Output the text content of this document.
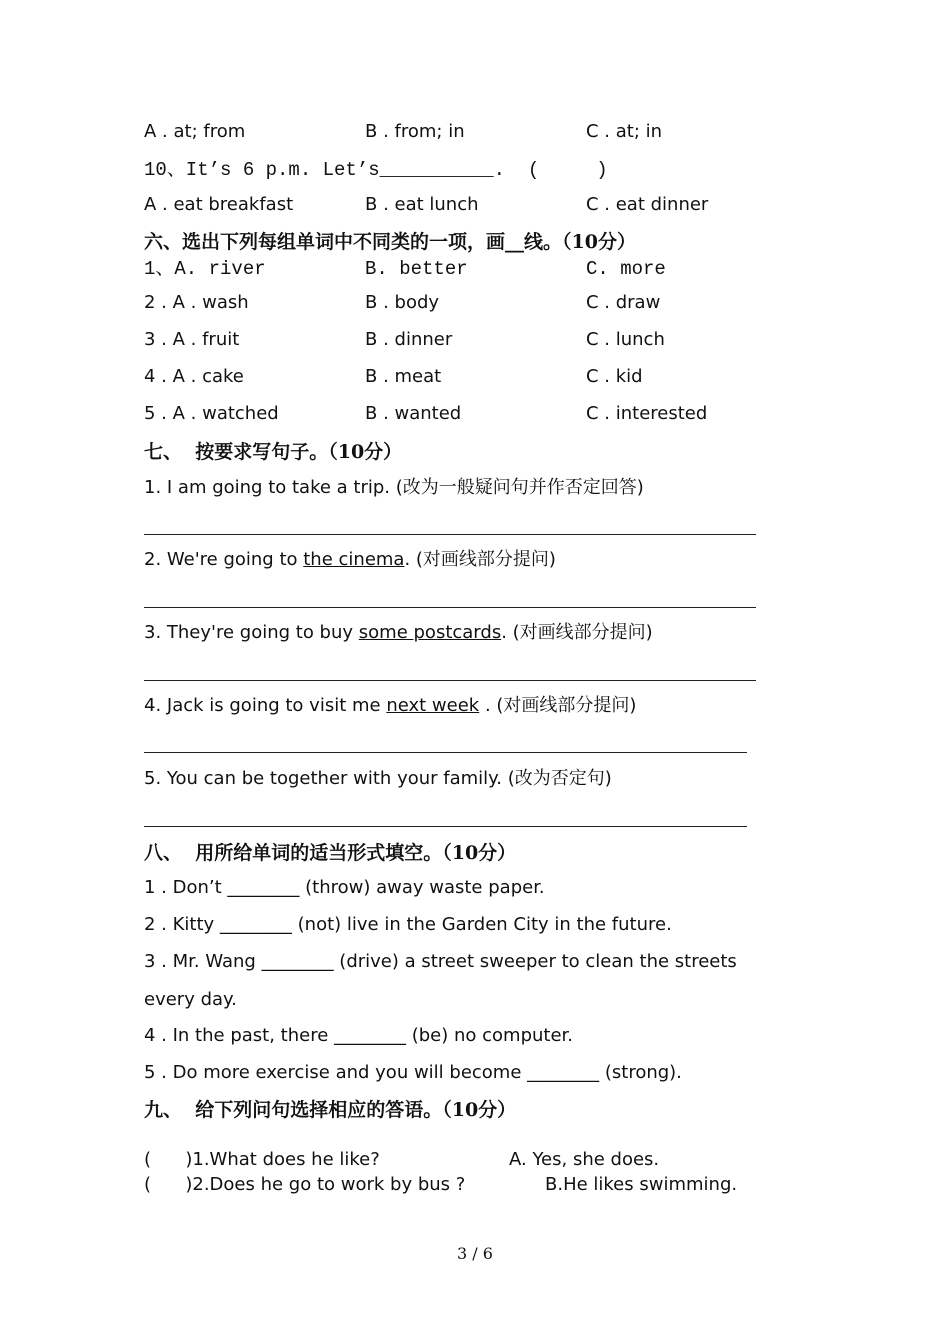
A . at; from	B . from; in	C . at; in
10、It’s 6 p.m. Let’s__________.  (     )
A . eat breakfast	B . eat lunch	C . eat dinner
六、选出下列每组单词中不同类的一项，画__线。（10分）
1、A. river	B. better	C. more
2 . A . wash	B . body	C . draw
3 . A . fruit	B . dinner	C . lunch
4 . A . cake	B . meat	C . kid
5 . A . watched	B . wanted	C . interested
七、  按要求写句子。（10分）
1. I am going to take a trip. (改为一般疑问句并作否定回答)
2. We're going to the cinema. (对画线部分提问)
3. They're going to buy some postcards. (对画线部分提问)
4. Jack is going to visit me next week . (对画线部分提问)
5. You can be together with your family. (改为否定句)
八、  用所给单词的适当形式填空。（10分）
1 . Don’t ________ (throw) away waste paper.
2 . Kitty ________ (not) live in the Garden City in the future.
3 . Mr. Wang ________ (drive) a street sweeper to clean the streets
every day.
4 . In the past, there ________ (be) no computer.
5 . Do more exercise and you will become ________ (strong).
九、  给下列问句选择相应的答语。（10分）
(      )1.What does he like?	A. Yes, she does.
(      )2.Does he go to work by bus ?	B.He likes swimming.
3 / 6
